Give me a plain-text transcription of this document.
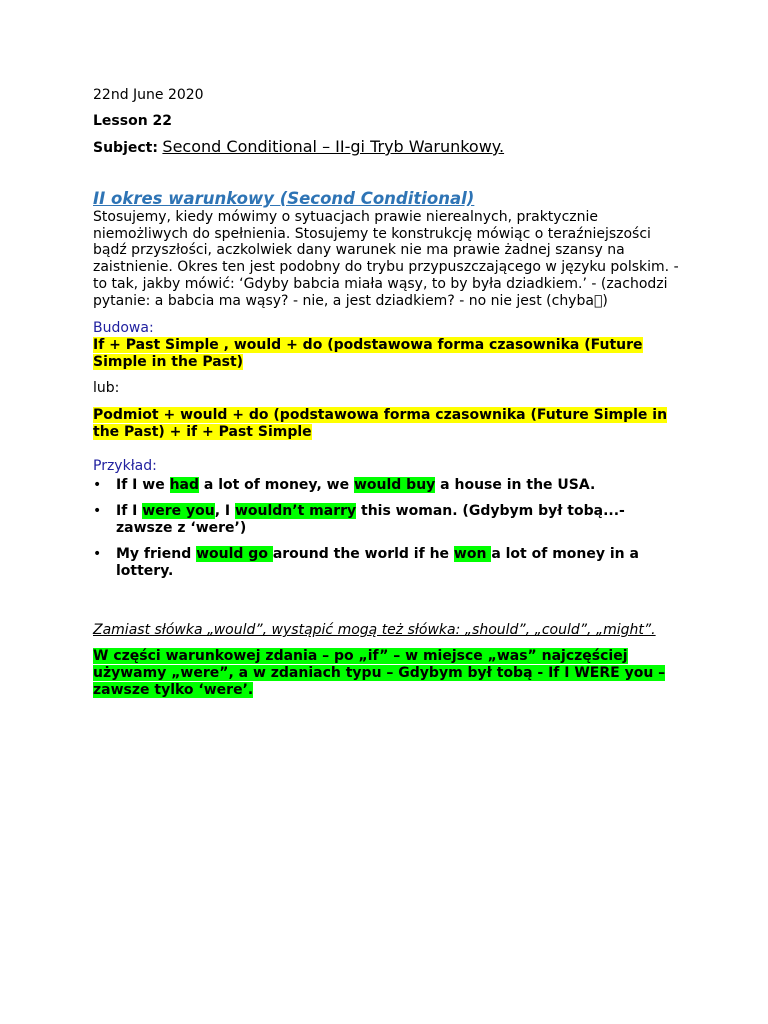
22nd June 2020

Lesson 22

Subject: Second Conditional – II-gi Tryb Warunkowy.

II okres warunkowy (Second Conditional)

Stosujemy, kiedy mówimy o sytuacjach prawie nierealnych, praktycznie niemożliwych do spełnienia. Stosujemy te konstrukcję mówiąc o teraźniejszości bądź przyszłości, aczkolwiek dany warunek nie ma prawie żadnej szansy na zaistnienie. Okres ten jest podobny do trybu przypuszczającego w języku polskim. - to tak, jakby mówić: ‘Gdyby babcia miała wąsy, to by była dziadkiem.’ - (zachodzi pytanie: a babcia ma wąsy? - nie, a jest dziadkiem? - no nie jest (chyba )

Budowa:

If + Past Simple , would + do (podstawowa forma czasownika (Future Simple in the Past)

lub:

Podmiot + would + do (podstawowa forma czasownika (Future Simple in the Past) + if + Past Simple

Przykład:

• If I we had a lot of money, we would buy a house in the USA.
• If I were you, I wouldn’t marry this woman. (Gdybym był tobą...- zawsze z ‘were’)
• My friend would go around the world if he won a lot of money in a lottery.

Zamiast słówka „would”, wystąpić mogą też słówka: „should”, „could”, „might”.

W części warunkowej zdania – po „if” – w miejsce „was” najczęściej używamy „were”, a w zdaniach typu – Gdybym był tobą - If I WERE you – zawsze tylko ‘were’.
